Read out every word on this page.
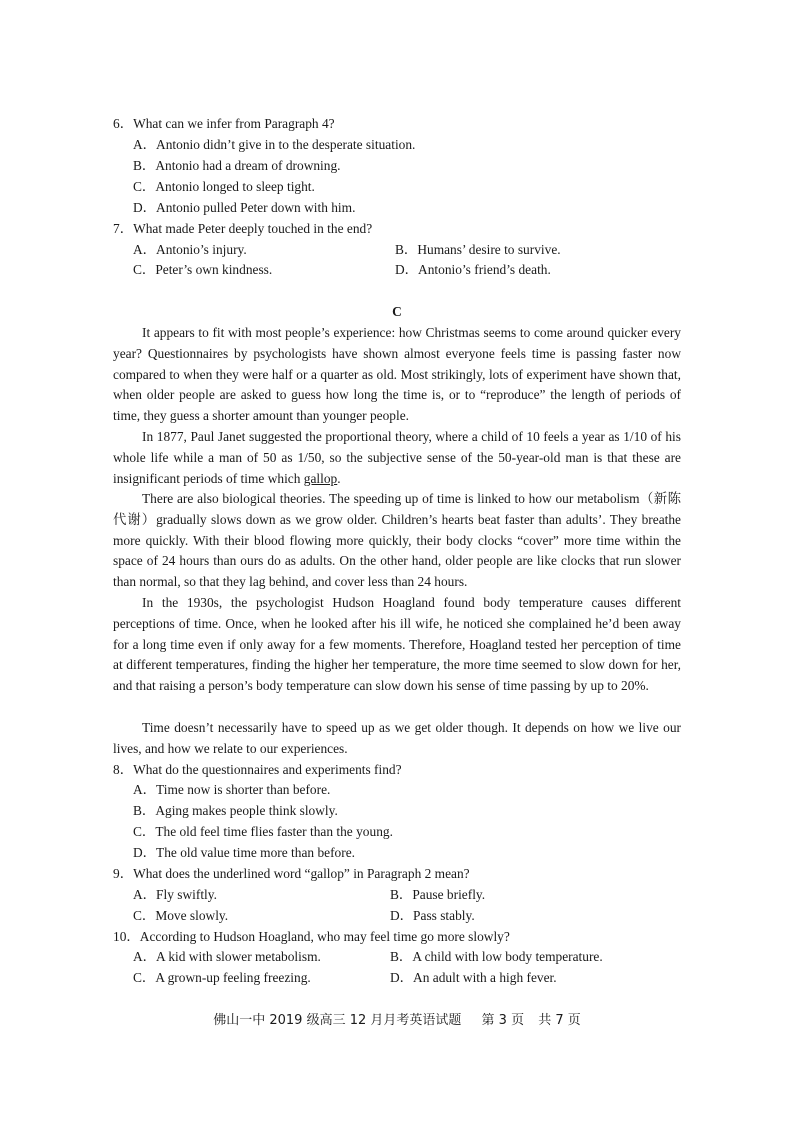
6．What can we infer from Paragraph 4?
A．Antonio didn’t give in to the desperate situation.
B．Antonio had a dream of drowning.
C．Antonio longed to sleep tight.
D．Antonio pulled Peter down with him.
7．What made Peter deeply touched in the end?
A．Antonio’s injury.	B．Humans’ desire to survive.
C．Peter’s own kindness.	D．Antonio’s friend’s death.
C
It appears to fit with most people’s experience: how Christmas seems to come around quicker every year? Questionnaires by psychologists have shown almost everyone feels time is passing faster now compared to when they were half or a quarter as old. Most strikingly, lots of experiment have shown that, when older people are asked to guess how long the time is, or to “reproduce” the length of periods of time, they guess a shorter amount than younger people.
In 1877, Paul Janet suggested the proportional theory, where a child of 10 feels a year as 1/10 of his whole life while a man of 50 as 1/50, so the subjective sense of the 50-year-old man is that these are insignificant periods of time which gallop.
There are also biological theories. The speeding up of time is linked to how our metabolism（新陈代谢）gradually slows down as we grow older. Children’s hearts beat faster than adults’. They breathe more quickly. With their blood flowing more quickly, their body clocks “cover” more time within the space of 24 hours than ours do as adults. On the other hand, older people are like clocks that run slower than normal, so that they lag behind, and cover less than 24 hours.
In the 1930s, the psychologist Hudson Hoagland found body temperature causes different perceptions of time. Once, when he looked after his ill wife, he noticed she complained he’d been away for a long time even if only away for a few moments. Therefore, Hoagland tested her perception of time at different temperatures, finding the higher her temperature, the more time seemed to slow down for her, and that raising a person’s body temperature can slow down his sense of time passing by up to 20%.
Time doesn’t necessarily have to speed up as we get older though. It depends on how we live our lives, and how we relate to our experiences.
8．What do the questionnaires and experiments find?
A．Time now is shorter than before.
B．Aging makes people think slowly.
C．The old feel time flies faster than the young.
D．The old value time more than before.
9．What does the underlined word “gallop” in Paragraph 2 mean?
A．Fly swiftly.	B．Pause briefly.
C．Move slowly.	D．Pass stably.
10．According to Hudson Hoagland, who may feel time go more slowly?
A．A kid with slower metabolism.	B．A child with low body temperature.
C．A grown-up feeling freezing.	D．An adult with a high fever.
佛山一中 2019 级高三 12 月月考英语试题 第 3 页 共 7 页
